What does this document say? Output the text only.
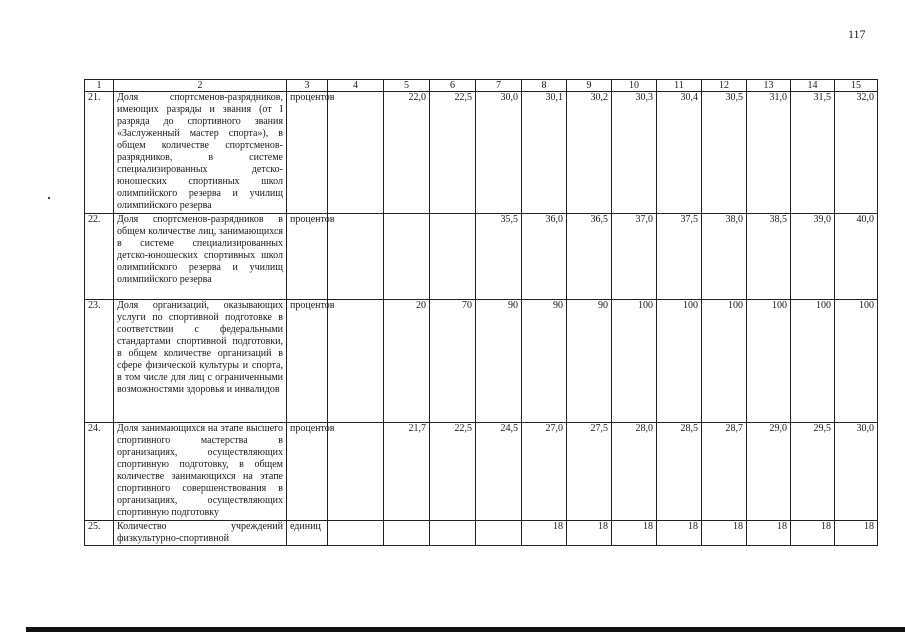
117
1	2	3	4	5	6	7	8	9	10	11	12	13	14	15
21.	Доля спортсменов-разрядников, имеющих разряды и звания (от I разряда до спортивного звания «Заслуженный мастер спорта»), в общем количестве спортсменов-разрядников, в системе специализированных детско-юношеских спортивных школ олимпийского резерва и училищ олимпийского резерва	процентов		22,0	22,5	30,0	30,1	30,2	30,3	30,4	30,5	31,0	31,5	32,0
22.	Доля спортсменов-разрядников в общем количестве лиц, занимающихся в системе специализированных детско-юношеских спортивных школ олимпийского резерва и училищ олимпийского резерва	процентов				35,5	36,0	36,5	37,0	37,5	38,0	38,5	39,0	40,0
23.	Доля организаций, оказывающих услуги по спортивной подготовке в соответствии с федеральными стандартами спортивной подготовки, в общем количестве организаций в сфере физической культуры и спорта, в том числе для лиц с ограниченными возможностями здоровья и инвалидов	процентов		20	70	90	90	90	100	100	100	100	100	100
24.	Доля занимающихся на этапе высшего спортивного мастерства в организациях, осуществляющих спортивную подготовку, в общем количестве занимающихся на этапе спортивного совершенствования в организациях, осуществляющих спортивную подготовку	процентов		21,7	22,5	24,5	27,0	27,5	28,0	28,5	28,7	29,0	29,5	30,0
25.	Количество учреждений физкультурно-спортивной	единиц					18	18	18	18	18	18	18	18
